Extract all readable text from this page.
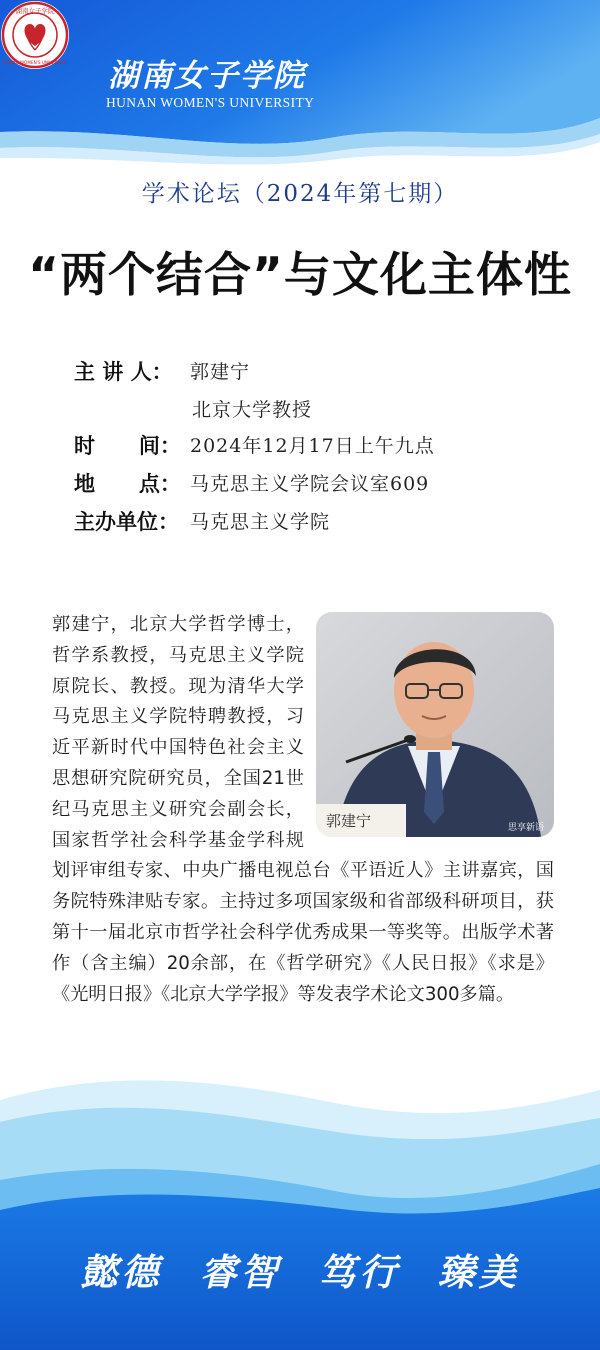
湖南女子学院
HUNAN WOMEN'S UNIVERSITY 湖南女子学院
HUNAN WOMEN'S UNIVERSITY
学术论坛（2024年第七期）
“两个结合”与文化主体性
主 讲 人： 郭建宁
北京大学教授
时      间： 2024年12月17日上午九点
地      点： 马克思主义学院会议室609
主办单位： 马克思主义学院
郭建宁	思享新语
郭建宁，北京大学哲学博士，哲学系教授，马克思主义学院原院长、教授。现为清华大学马克思主义学院特聘教授，习近平新时代中国特色社会主义思想研究院研究员，全国21世纪马克思主义研究会副会长，国家哲学社会科学基金学科规划评审组专家、中央广播电视总台《平语近人》主讲嘉宾，国务院特殊津贴专家。主持过多项国家级和省部级科研项目，获第十一届北京市哲学社会科学优秀成果一等奖等。出版学术著作（含主编）20余部，在《哲学研究》《人民日报》《求是》《光明日报》《北京大学学报》等发表学术论文300多篇。
懿德 睿智 笃行 臻美
